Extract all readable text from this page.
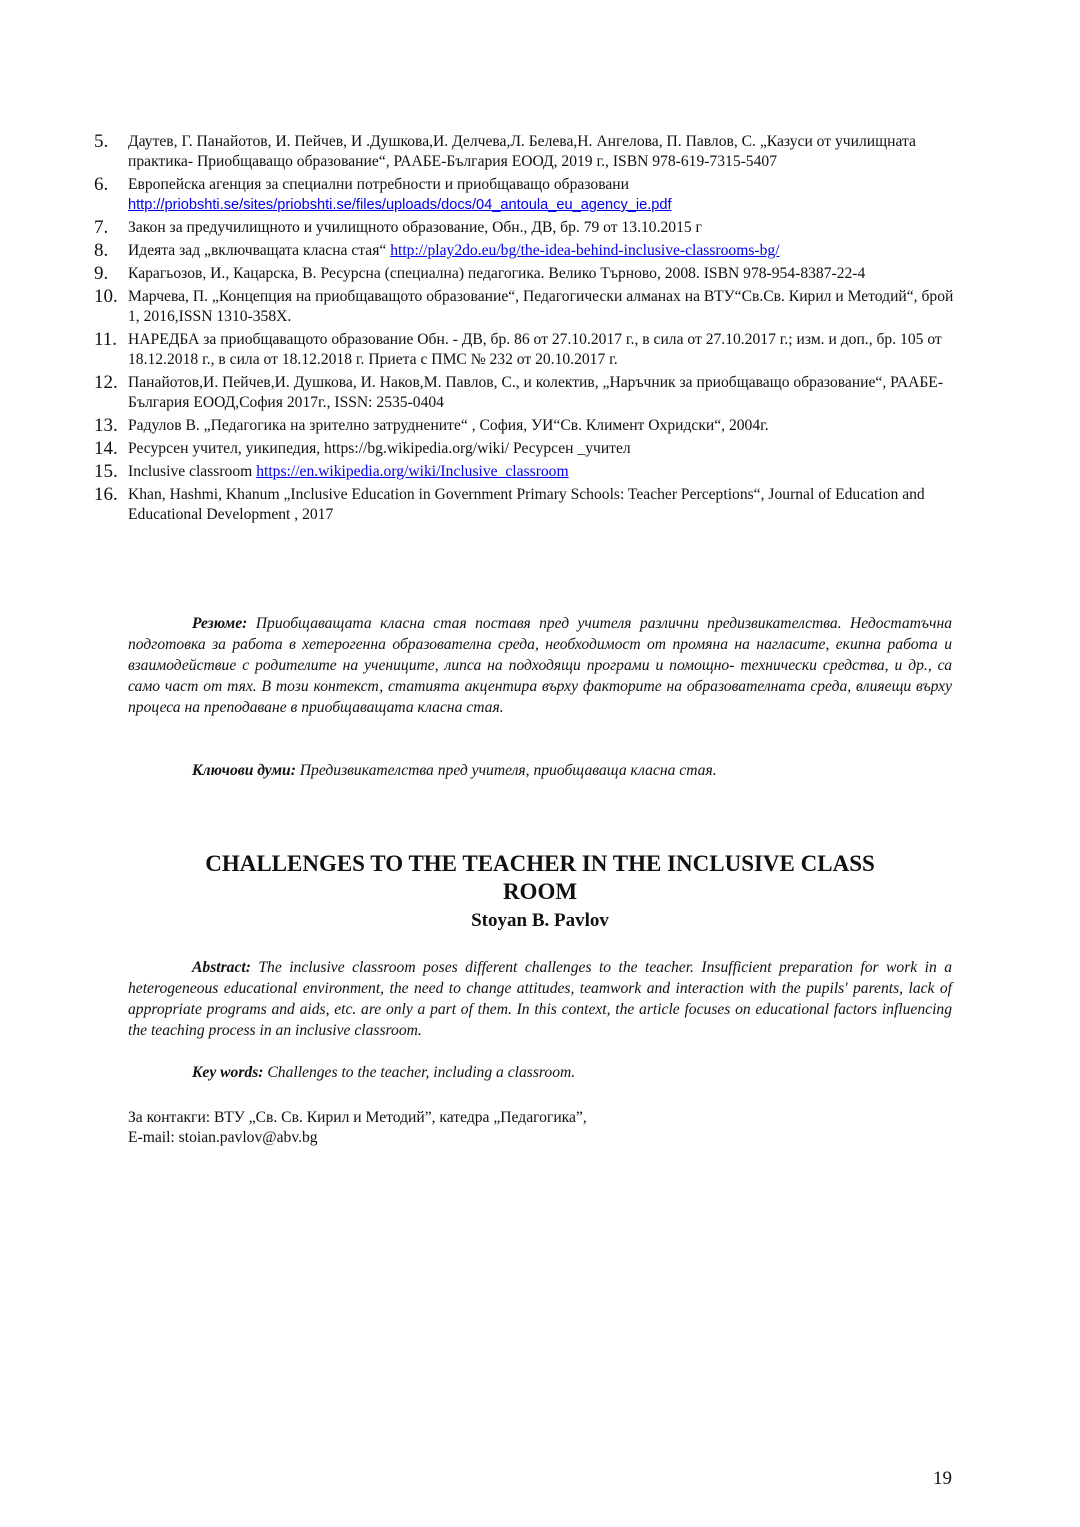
5.	Даутев, Г. Панайотов, И. Пейчев, И .Душкова,И. Делчева,Л. Белева,Н. Ангелова, П. Павлов, С. „Казуси от училищната практика- Приобщаващо образование“, РААБЕ-България ЕООД, 2019 г., ISBN 978-619-7315-5407
6.	Европейска агенция за специални потребности и приобщаващо образовани
http://priobshti.se/sites/priobshti.se/files/uploads/docs/04_antoula_eu_agency_ie.pdf
7.	Закон за предучилищното и училищното образование, Обн., ДВ, бр. 79 от 13.10.2015 г
8.	Идеята зад „включващата класна стая“ http://play2do.eu/bg/the-idea-behind-inclusive-classrooms-bg/
9.	Карагьозов, И., Кацарска, В. Ресурсна (специална) педагогика. Велико Търново, 2008. ISBN 978-954-8387-22-4
10. Марчева, П. „Концепция на приобщаващото образование“, Педагогически алманах на ВТУ“Св.Св. Кирил и Методий“, брой 1, 2016,ISSN 1310-358X.
11. НАРЕДБА за приобщаващото образование Обн. - ДВ, бр. 86 от 27.10.2017 г., в сила от 27.10.2017 г.; изм. и доп., бр. 105 от 18.12.2018 г., в сила от 18.12.2018 г. Приета с ПМС № 232 от 20.10.2017 г.
12. Панайотов,И. Пейчев,И. Душкова, И. Наков,М. Павлов, С., и колектив, „Наръчник за приобщаващо образование“, РААБЕ-България ЕООД,София 2017г., ISSN: 2535-0404
13. Радулов В. „Педагогика на зрително затруднените“ , София, УИ“Св. Климент Охридски“, 2004г.
14. Ресурсен учител, уикипедия, https://bg.wikipedia.org/wiki/ Ресурсен _учител
15. Inclusive classroom https://en.wikipedia.org/wiki/Inclusive_classroom
16. Khan, Hashmi, Khanum „Inclusive Education in Government Primary Schools: Teacher Perceptions“, Journal of Education and Educational Development , 2017

Резюме: Приобщаващата класна стая поставя пред учителя различни предизвикателства. Недостатъчна подготовка за работа в хетерогенна образователна среда, необходимост от промяна на нагласите, екипна работа и взаимодействие с родителите на учениците, липса на подходящи програми и помощно- технически средства, и др., са само част от тях. В този контекст, статията акцентира върху факторите на образователната среда, влияещи върху процеса на преподаване в приобщаващата класна стая.

Ключови думи: Предизвикателства пред учителя, приобщаваща класна стая.

CHALLENGES TO THE TEACHER IN THE INCLUSIVE CLASS
ROOM
Stoyan B. Pavlov

Abstract: The inclusive classroom poses different challenges to the teacher. Insufficient preparation for work in a heterogeneous educational environment, the need to change attitudes, teamwork and interaction with the pupils' parents, lack of appropriate programs and aids, etc. are only a part of them. In this context, the article focuses on educational factors influencing the teaching process in an inclusive classroom.

Key words: Challenges to the teacher, including a classroom.

За контакги: ВТУ „Св. Св. Кирил и Методий”, катедра „Педагогика”,
E-mail: stoian.pavlov@abv.bg

19
